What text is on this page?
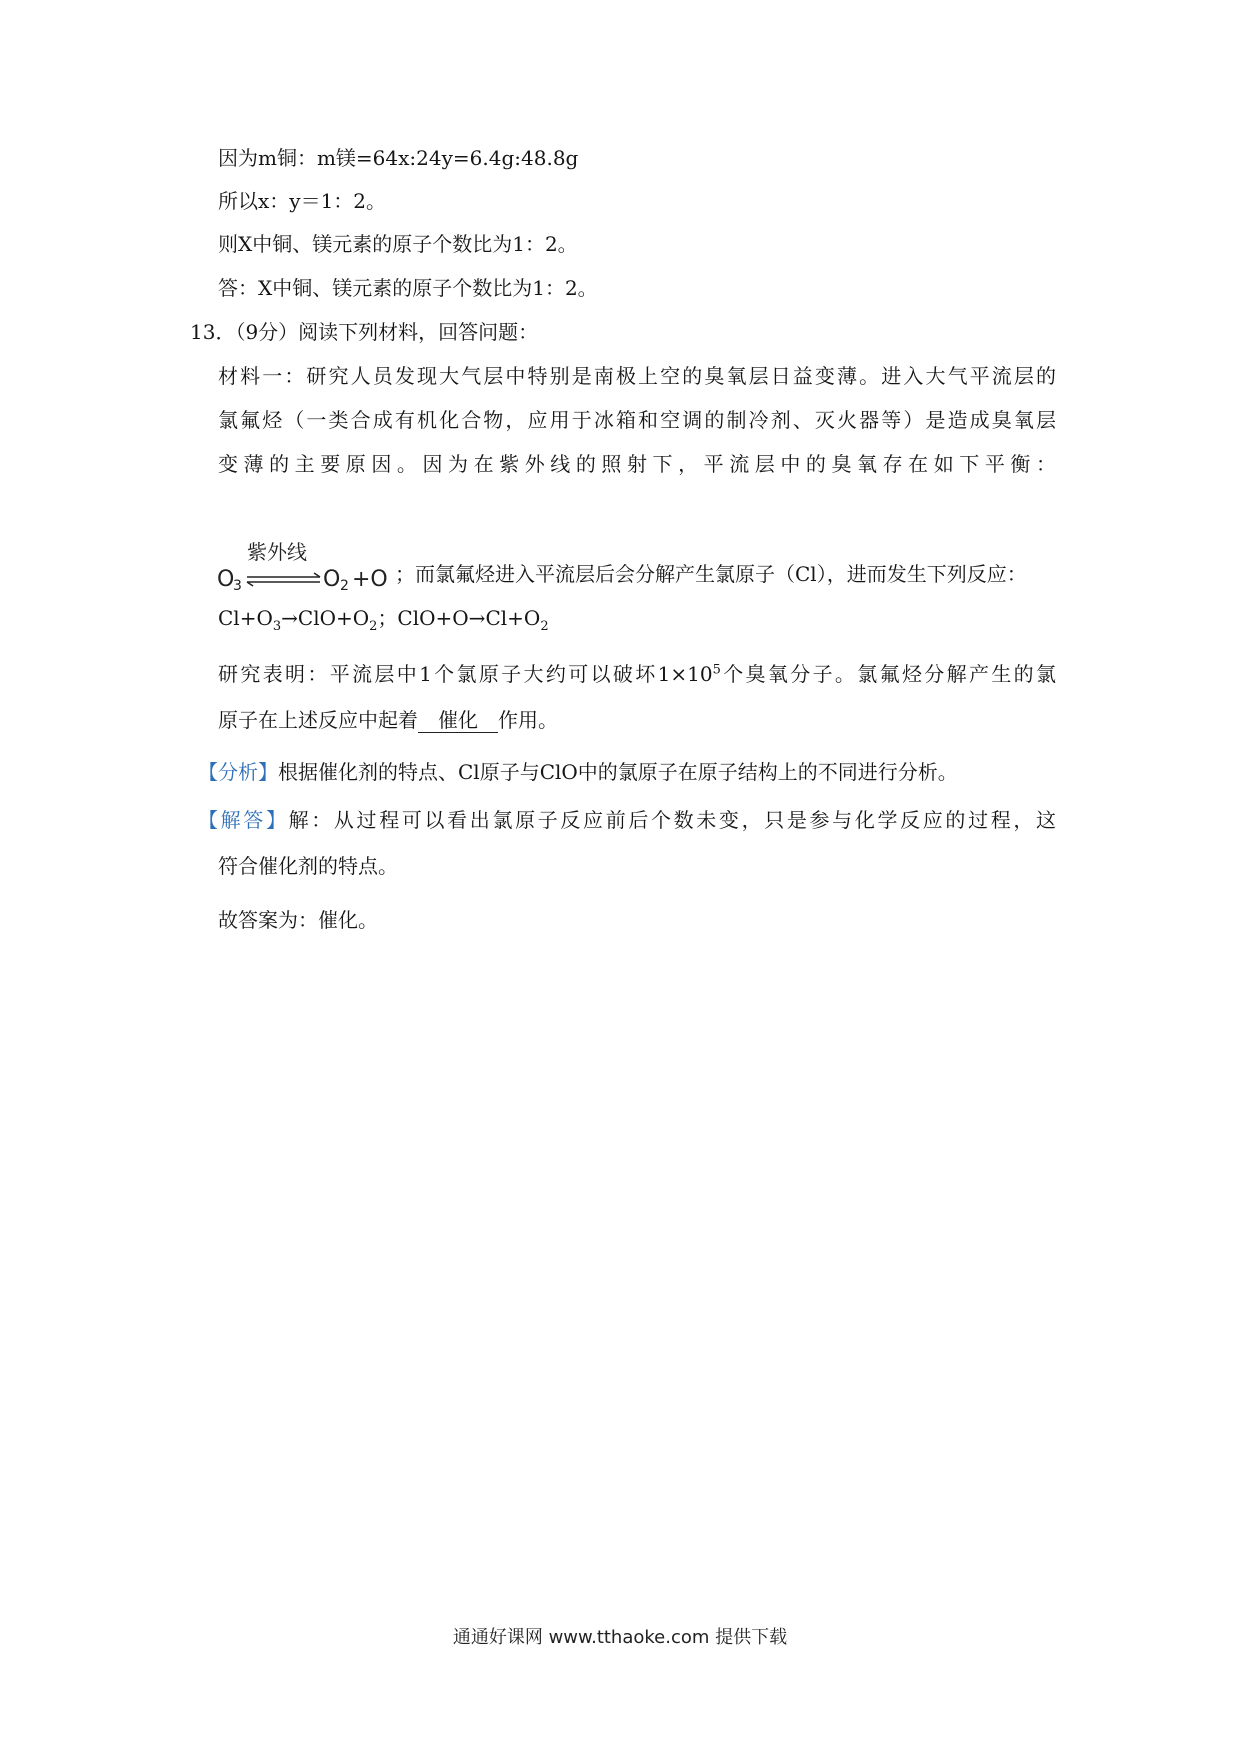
因为m铜：m镁=64x:24y=6.4g:48.8g
所以x：y＝1：2。
则X中铜、镁元素的原子个数比为1：2。
答：X中铜、镁元素的原子个数比为1：2。
13．（9分）阅读下列材料，回答问题：
材料一：研究人员发现大气层中特别是南极上空的臭氧层日益变薄。进入大气平流层的
氯氟烃（一类合成有机化合物，应用于冰箱和空调的制冷剂、灭火器等）是造成臭氧层
变薄的主要原因。因为在紫外线的照射下，平流层中的臭氧存在如下平衡：
紫外线
O
3	O 2 +O ；而氯氟烃进入平流层后会分解产生氯原子（Cl），进而发生下列反应：
$Cl+O_3\to ClO+O_2$；$ClO+O\to Cl+O_2$
研究表明：平流层中1个氯原子大约可以破坏$1\times 10^5$个臭氧分子。氯氟烃分解产生的氯
原子在上述反应中起着 催化 作用。
【分析】根据催化剂的特点、Cl原子与ClO中的氯原子在原子结构上的不同进行分析。
【解答】解：从过程可以看出氯原子反应前后个数未变，只是参与化学反应的过程，这
符合催化剂的特点。
故答案为：催化。
通通好课网 www.tthaoke.com 提供下载
